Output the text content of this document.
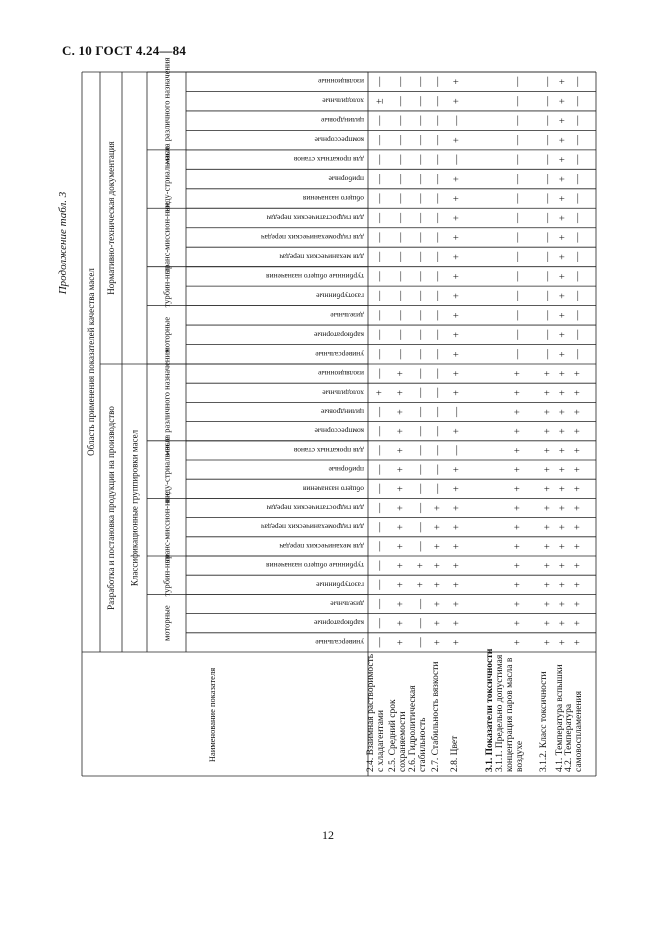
С. 10 ГОСТ 4.24—84
Продолжение табл. 3
12
Область применения показателей качества масел
Разработка и постановка продукции на производство
Нормативно-техническая документация
Классификационные группировки масел
моторные
турбин-ные
транс-миссион-ные
инду-стриаль-ные
масла различного назначения
универсальные
карбюраторные
дизельные
газотурбинные
турбинные общего назначения
для механических передач
для гидромеханических передач
для гидростатических передач
общего назначения
приборные
для прокатных станов
компрессорные
цилиндровые
холодильные
изоляционные
моторные
турбин-ные
транс-миссион-ные
инду-стриаль-ные
масла различного назначения
универсальные
карбюраторные
дизельные
газотурбинные
турбинные общего назначения
для механических передач
для гидромеханических передач
для гидростатических передач
общего назначения
приборные
для прокатных станов
компрессорные
цилиндровые
холодильные
изоляционные
Наименование показателя	2.4. Взаимная растворимость с хладагентами
—
—
—
—
—
—
—
—
—
—
—
—
—
+
—
—
—
—
—
—
—
—
—
—
—
—
—
—
±
—
2.5. Средний срок сохраняемости
+
+
+
+
+
+
+
+
+
+
+
+
+
+
+
—
—
—
—
—
—
—
—
—
—
—
—
—
—
—
2.6. Гидролитическая стабильность
—
—
—
+
+
—
—
—
—
—
—
—
—
—
—
—
—
—
—
—
—
—
—
—
—
—
—
—
—
—
2.7. Стабильность вязкости
+
+
+
+
+
+
+
+
—
—
—
—
—
—
—
—
—
—
—
—
—
—
—
—
—
—
—
—
—
—
2.8. Цвет
+
+
+
+
+
+
+
+
+
+
—
+
—
+
+
+
+
+
+
+
+
+
+
+
+
—
+
—
+
+
3.1. Показатели токсичности 3.1.1. Предельно допустимая концентрация паров масла в воздухе
+
+
+
+
+
+
+
+
+
+
+
+
+
+
+
—
—
—
—
—
—
—
—
—
—
—
—
—
—
—
3.1.2. Класс токсичности
+
+
+
+
+
+
+
+
+
+
+
+
+
+
+
—
—
—
—
—
—
—
—
—
—
—
—
—
—
—
4.1. Температура вспышки
+
+
+
+
+
+
+
+
+
+
+
+
+
+
+
+
+
+
+
+
+
+
+
+
+
+
+
+
+
+
4.2. Температура самовоспламенения
+
+
+
+
+
+
+
+
+
+
+
+
+
+
+
—
—
—
—
—
—
—
—
—
—
—
—
—
—
—
